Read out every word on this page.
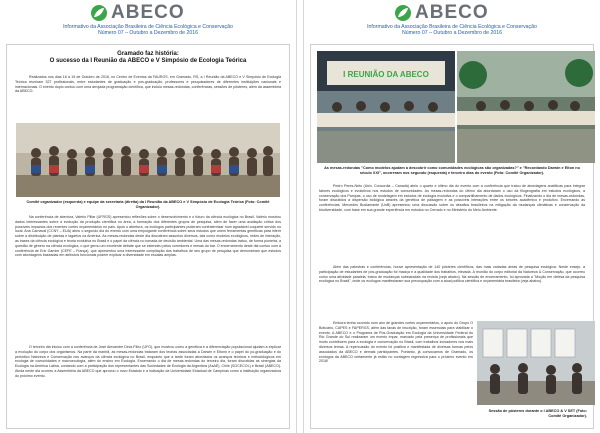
ABECO
Informativo da Associação Brasileira de Ciência Ecológica e Conservação
Número 07 – Outubro a Dezembro de 2016
Gramado faz história:
O sucesso da I Reunião da ABECO e V Simpósio de Ecologia Teórica
Realizados nos dias 16 a 19 de Outubro de 2016, no Centro de Eventos da FAURGS, em Gramado, RS, a I Reunião da ABECO e V Simpósio de Ecologia Teórica reuniram 327 profissionais, entre estudantes de graduação e pós-graduação, professores e pesquisadores de diferentes instituições nacionais e internacionais. O evento duplo contou com uma arrojada programação científica, que incluiu mesas-redondas, conferências, sessões de pôsteres, além da assembleia da ABECO.
Comitê organizador (esquerda) e equipe da secretaria (direita) da I Reunião da ABECO e V Simpósio de Ecologia Teórica (Foto: Comitê Organizador).
Na conferência de abertura, Valério Pillar (UFRGS) apresentou reflexões sobre o desenvolvimento e o futuro da ciência ecológica no Brasil. Valério mostrou dados interessantes sobre a evolução da produção científica no área, a formação dos diferentes grupos de pesquisa, além de fazer uma avaliação crítica dos possíveis impactos dos recentes cortes orçamentários no país. Após o abertura, os ecólogos participantes puderam confraternizar num agradável coquetel servido no local. Ana Carnaval (CCNY – EUA) abriu o segundo dia do evento com uma empolgante conferência sobre seus estudos que unem ferramentas genéticas para inferir sobre a distribuição de plantas e lagartos na América. As mesas-redondas deste dia discutiram assuntos diversos, tais como modelos ecológicos, redes de interação, as bases da ciência ecológica e teoria evolutiva no Brasil e o papel da ciência no tomada de decisão ambiental. Uma das mesas-redondas tratou, de forma pioneira, a questão de gênero na ciência ecológica, o que gerou um excelente debate que se estendeu pelos corredores e mesas do bar. O encerramento deste dia contou com a conferência de Eric Garnier (CEFE – França), que apresentou uma interessante compilação dos trabalhos de seu grupo de pesquisa que demonstram que estudos com abordagens baseadas em atributos funcionais podem explicar a diversidade em escalas amplas.
O terceiro dia iniciou com a conferência de José Alexandre Diniz-Filho (UFG), que mostrou como a genética e a diferenciação populacional ajudam a explicar a evolução do corpo dos organismos. Na parte da manhã, as mesas-redondas trataram dos teorias associadas a Darwin e Eltonn e o papel do pó-graduação e do periódico Natureza e Conservação nos avanços da ciência ecológica no Brasil, enquanto que a tarde foram abordados os avanços teóricos e metodológicos em ecologia de comunidades e macroecologia, além do ensino em Ecologia. Encerrando o dia de mesas-redondas do terceiro dia, foram discutidas as sinergias da Ecologia na América Latina, contando com a participação dos representantes das Sociedades de Ecologia da Argentina (AsAE), Chile (SOCECOL) e Brasil (ABECO). Ainda neste dia ocorreu a Assembleia da ABECO que aprovou o novo Estatuto e a indicação da Universidade Estadual de Campinas como a instituição organizadora do próximo evento.
ABECO
Informativo da Associação Brasileira de Ciência Ecológica e Conservação
Número 07 – Outubro a Dezembro de 2016
I REUNIÃO DA ABECO
As mesas-redondas "Como modelos ajudam a descobrir como comunidades ecológicas são organizadas?" e "Recordando Darwin e Elton no século XXI", ocorreram nos segundo (esquerda) e terceiro dias do evento (Foto: Comitê Organizador).
Pedro Peres-Neto (Univ. Concordia – Canadá) abriu o quarto e último dia do evento com a conferência que tratou de abordagens analíticas para integrar fatores ecológicos e evolutivos nos estudos de comunidades. As mesas-redondas do último dia abordaram o uso da filogeografia em estudos ecológicos, a conservação dos Pampas, o uso de modelagem em estudos de ecologia evolutiva e o compartilhamento de dados ecológicos. Finalizando o dia de mesas-redondas, foram discutidos a dispersão biológica através da genética de paisagem e as possíveis interações entre os setores acadêmico e produtivo. Encerrando as conferências, Mercedes Bustamante (UnB) apresentou uma discussão sobre os desafios brasileiros na mitigação da mudanças climáticas e conservação da biodiversidade, com base em sua grande experiência em estudos no Cerrado e no Ministério do Meio Ambiente.
Além das palestras e conferências, houve apresentação de 140 pôsteres científicos, das mais variadas áreas de pesquisa ecológica. Neste ensejo, a participação de estudantes de pós-graduação foi maciça e a qualidade dos trabalhos, elevada. A reunião do corpo editorial da Natureza & Conservação, que ocorreu como uma atividade paralela, tratou de mudanças substanciais na revista (veja abaixo). Na sessão de encerramento, foi aprovada a "Moção em defesa da pesquisa ecológica no Brasil", onde os ecólogos manifestaram sua preocupação com a atual política científica e orçamentária brasileira (veja abaixo).
Embora tenha ocorrido num ano de grandes cortes orçamentários, o apoio do Grupo O Boticário, CAPES e FAPERGS, além das taxas de inscrição, foram essenciais para viabilizar o evento. A ABECO e o Programa de Pós-Graduação em Ecologia da Universidade Federal do Rio Grande do Sul realizaram um evento ímpar, marcado pela presença de profissionais que muito contribuem para a ecologia e conservação no Brasil, com trabalhos inovadores nos mais diversos temas. A repercussão do evento foi positiva e manifestada de diversas formas pelos associados da ABECO e demais participantes. Portanto, já convocamos de Gramado, os ecólogos da ABECO certamente já estão no contagem regressiva para o próximo evento em 2018!
Sessão de pôsteres durante o I ABECO & V SET (Foto: Comitê Organizador).
